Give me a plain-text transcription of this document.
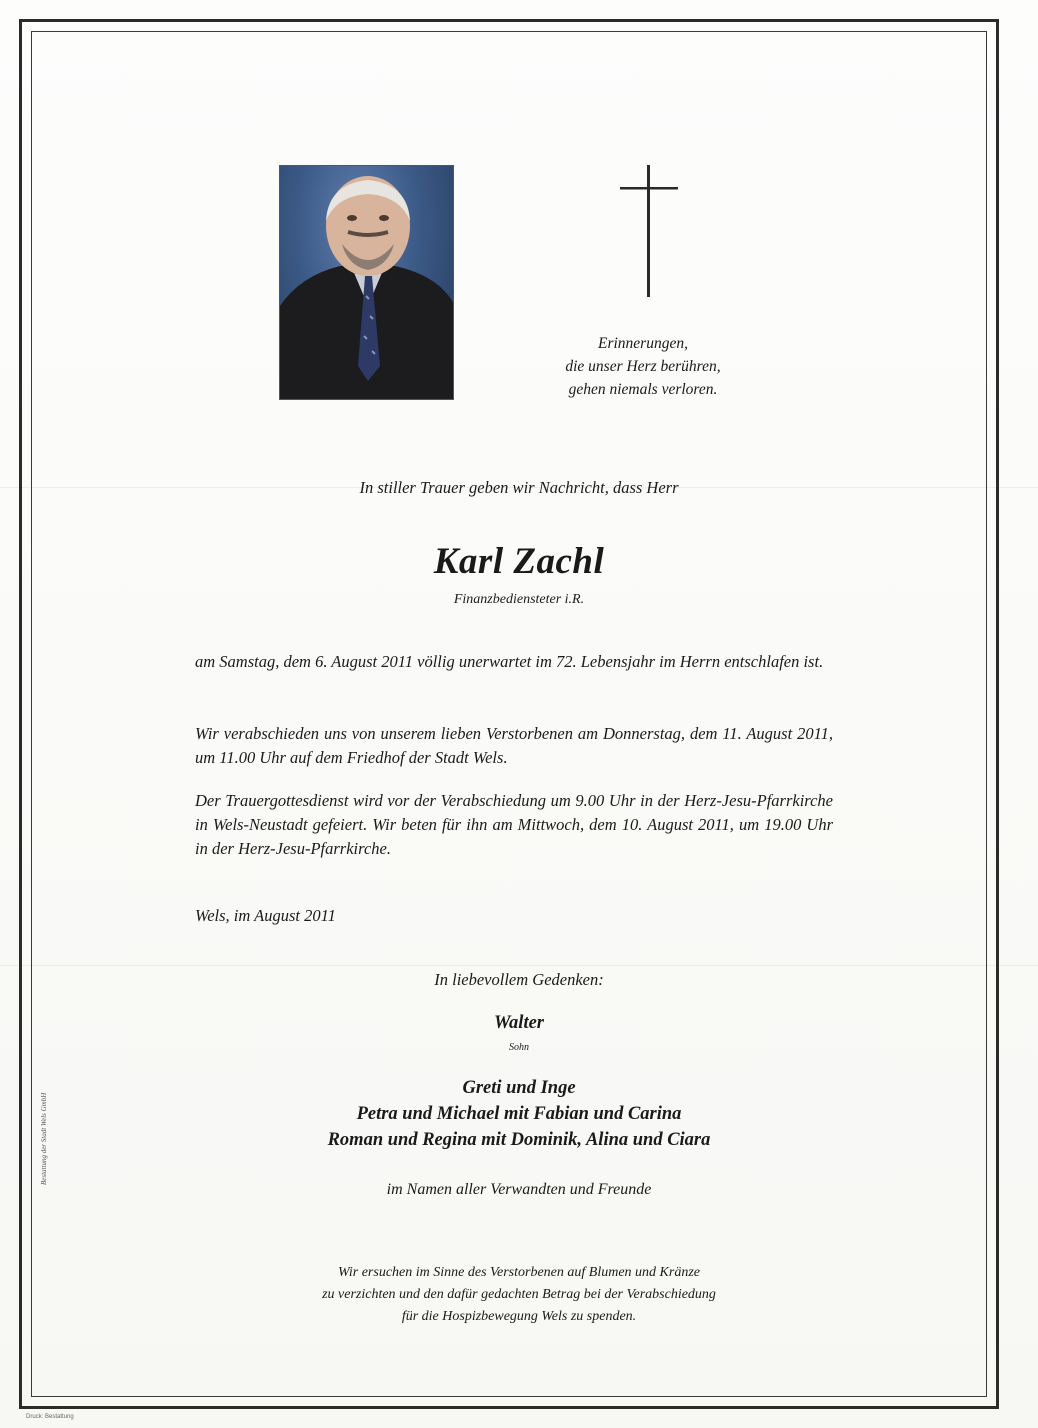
Erinnerungen,
die unser Herz berühren,
gehen niemals verloren.
In stiller Trauer geben wir Nachricht, dass Herr
Karl Zachl
Finanzbediensteter i.R.
am Samstag, dem 6. August 2011 völlig unerwartet im 72. Lebensjahr im Herrn entschlafen ist.
Wir verabschieden uns von unserem lieben Verstorbenen am Donnerstag, dem 11. August 2011, um 11.00 Uhr auf dem Friedhof der Stadt Wels.
Der Trauergottesdienst wird vor der Verabschiedung um 9.00 Uhr in der Herz-Jesu-Pfarrkirche in Wels-Neustadt gefeiert. Wir beten für ihn am Mittwoch, dem 10. August 2011, um 19.00 Uhr in der Herz-Jesu-Pfarrkirche.
Wels, im August 2011
In liebevollem Gedenken:
Walter
Sohn
Greti und Inge
Petra und Michael mit Fabian und Carina
Roman und Regina mit Dominik, Alina und Ciara
im Namen aller Verwandten und Freunde
Wir ersuchen im Sinne des Verstorbenen auf Blumen und Kränze
zu verzichten und den dafür gedachten Betrag bei der Verabschiedung
für die Hospizbewegung Wels zu spenden.
Bestattung der Stadt Wels GmbH
Druck: Bestattung
